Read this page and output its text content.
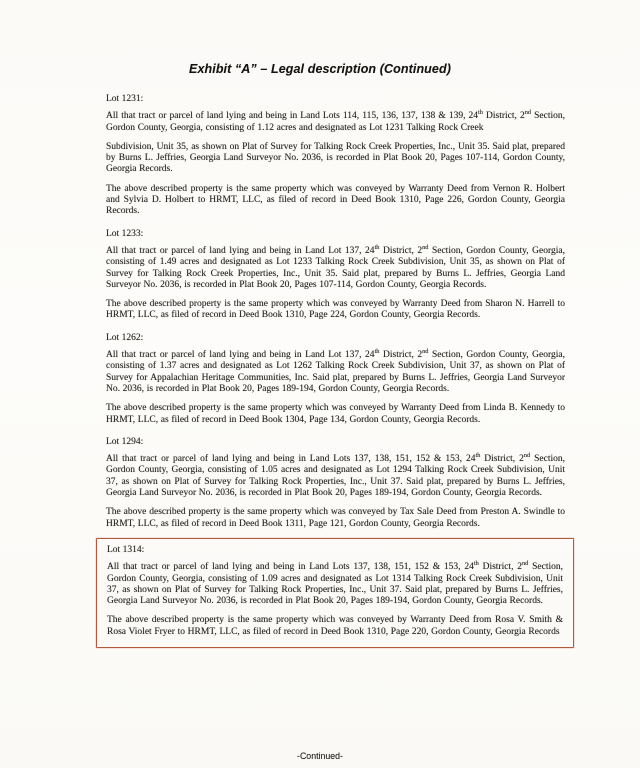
Exhibit “A” – Legal description (Continued)
Lot 1231:

All that tract or parcel of land lying and being in Land Lots 114, 115, 136, 137, 138 & 139, 24th District, 2nd Section, Gordon County, Georgia, consisting of 1.12 acres and designated as Lot 1231 Talking Rock Creek

Subdivision, Unit 35, as shown on Plat of Survey for Talking Rock Creek Properties, Inc., Unit 35. Said plat, prepared by Burns L. Jeffries, Georgia Land Surveyor No. 2036, is recorded in Plat Book 20, Pages 107-114, Gordon County, Georgia Records.

The above described property is the same property which was conveyed by Warranty Deed from Vernon R. Holbert and Sylvia D. Holbert to HRMT, LLC, as filed of record in Deed Book 1310, Page 226, Gordon County, Georgia Records.

Lot 1233:

All that tract or parcel of land lying and being in Land Lot 137, 24th District, 2nd Section, Gordon County, Georgia, consisting of 1.49 acres and designated as Lot 1233 Talking Rock Creek Subdivision, Unit 35, as shown on Plat of Survey for Talking Rock Creek Properties, Inc., Unit 35. Said plat, prepared by Burns L. Jeffries, Georgia Land Surveyor No. 2036, is recorded in Plat Book 20, Pages 107-114, Gordon County, Georgia Records.

The above described property is the same property which was conveyed by Warranty Deed from Sharon N. Harrell to HRMT, LLC, as filed of record in Deed Book 1310, Page 224, Gordon County, Georgia Records.

Lot 1262:

All that tract or parcel of land lying and being in Land Lot 137, 24th District, 2nd Section, Gordon County, Georgia, consisting of 1.37 acres and designated as Lot 1262 Talking Rock Creek Subdivision, Unit 37, as shown on Plat of Survey for Appalachian Heritage Communities, Inc. Said plat, prepared by Burns L. Jeffries, Georgia Land Surveyor No. 2036, is recorded in Plat Book 20, Pages 189-194, Gordon County, Georgia Records.

The above described property is the same property which was conveyed by Warranty Deed from Linda B. Kennedy to HRMT, LLC, as filed of record in Deed Book 1304, Page 134, Gordon County, Georgia Records.

Lot 1294:

All that tract or parcel of land lying and being in Land Lots 137, 138, 151, 152 & 153, 24th District, 2nd Section, Gordon County, Georgia, consisting of 1.05 acres and designated as Lot 1294 Talking Rock Creek Subdivision, Unit 37, as shown on Plat of Survey for Talking Rock Properties, Inc., Unit 37. Said plat, prepared by Burns L. Jeffries, Georgia Land Surveyor No. 2036, is recorded in Plat Book 20, Pages 189-194, Gordon County, Georgia Records.

The above described property is the same property which was conveyed by Tax Sale Deed from Preston A. Swindle to HRMT, LLC, as filed of record in Deed Book 1311, Page 121, Gordon County, Georgia Records.

Lot 1314:

All that tract or parcel of land lying and being in Land Lots 137, 138, 151, 152 & 153, 24th District, 2nd Section, Gordon County, Georgia, consisting of 1.09 acres and designated as Lot 1314 Talking Rock Creek Subdivision, Unit 37, as shown on Plat of Survey for Talking Rock Properties, Inc., Unit 37. Said plat, prepared by Burns L. Jeffries, Georgia Land Surveyor No. 2036, is recorded in Plat Book 20, Pages 189-194, Gordon County, Georgia Records.

The above described property is the same property which was conveyed by Warranty Deed from Rosa V. Smith & Rosa Violet Fryer to HRMT, LLC, as filed of record in Deed Book 1310, Page 220, Gordon County, Georgia Records

-Continued-
